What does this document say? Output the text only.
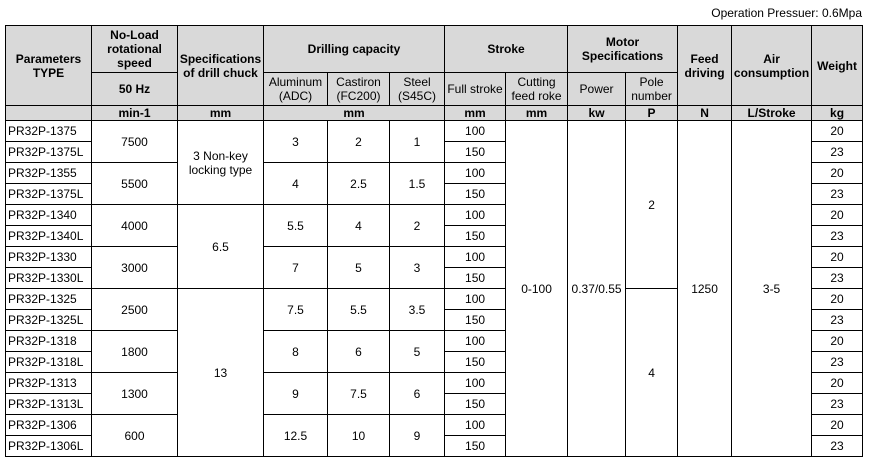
Operation Pressuer: 0.6Mpa
Parameters TYPE	No-Load rotational speed	Specifications of drill chuck	Drilling capacity			Stroke		Motor Specifications		Feed driving	Air consumption	Weight
	50 Hz		Aluminum (ADC)	Castiron (FC200)	Steel (S45C)	Full stroke	Cutting feed roke	Power	Pole number			
	min-1	mm	mm			mm	mm	kw	P	N	L/Stroke	kg
PR32P-1375	7500	3 Non-key locking type	3	2	1	100	0-100	0.37/0.55	2	1250	3-5	20
PR32P-1375L						150						23
PR32P-1355	5500		4	2.5	1.5	100						20
PR32P-1375L						150						23
PR32P-1340	4000	6.5	5.5	4	2	100						20
PR32P-1340L						150						23
PR32P-1330	3000		7	5	3	100						20
PR32P-1330L						150						23
PR32P-1325	2500	13	7.5	5.5	3.5	100			4			20
PR32P-1325L						150						23
PR32P-1318	1800		8	6	5	100						20
PR32P-1318L						150						23
PR32P-1313	1300		9	7.5	6	100						20
PR32P-1313L						150						23
PR32P-1306	600		12.5	10	9	100						20
PR32P-1306L						150						23
